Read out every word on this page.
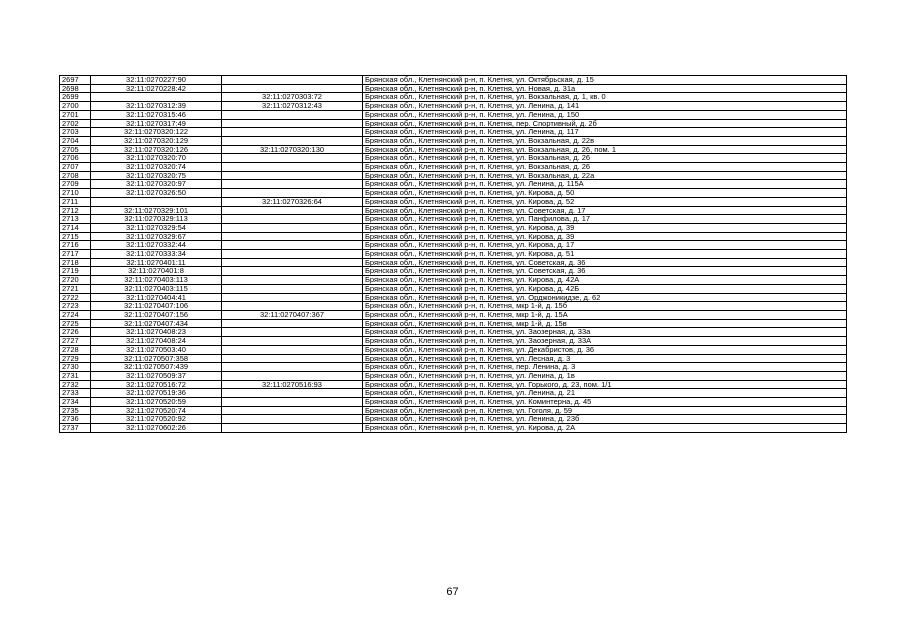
2697	32:11:0270227:90		Брянская обл., Клетнянский р-н, п. Клетня, ул. Октябрьская, д. 15
2698	32:11:0270228:42		Брянская обл., Клетнянский р-н, п. Клетня, ул. Новая, д. 31а
2699		32:11:0270303:72	Брянская обл., Клетнянский р-н, п. Клетня, ул. Вокзальная, д. 1, кв. 0
2700	32:11:0270312:39	32:11:0270312:43	Брянская обл., Клетнянский р-н, п. Клетня, ул. Ленина, д. 141
2701	32:11:0270315:46		Брянская обл., Клетнянский р-н, п. Клетня, ул. Ленина, д. 150
2702	32:11:0270317:49		Брянская обл., Клетнянский р-н, п. Клетня, пер. Спортивный, д. 2б
2703	32:11:0270320:122		Брянская обл., Клетнянский р-н, п. Клетня, ул. Ленина, д. 117
2704	32:11:0270320:129		Брянская обл., Клетнянский р-н, п. Клетня, ул. Вокзальная, д. 22в
2705	32:11:0270320:126	32:11:0270320:130	Брянская обл., Клетнянский р-н, п. Клетня, ул. Вокзальная, д. 26, пом. 1
2706	32:11:0270320:70		Брянская обл., Клетнянский р-н, п. Клетня, ул. Вокзальная, д. 26
2707	32:11:0270320:74		Брянская обл., Клетнянский р-н, п. Клетня, ул. Вокзальная, д. 26
2708	32:11:0270320:75		Брянская обл., Клетнянский р-н, п. Клетня, ул. Вокзальная, д. 22а
2709	32:11:0270320:97		Брянская обл., Клетнянский р-н, п. Клетня, ул. Ленина, д. 115А
2710	32:11:0270326:50		Брянская обл., Клетнянский р-н, п. Клетня, ул. Кирова, д. 50
2711		32:11:0270326:64	Брянская обл., Клетнянский р-н, п. Клетня, ул. Кирова, д. 52
2712	32:11:0270329:101		Брянская обл., Клетнянский р-н, п. Клетня, ул. Советская, д. 17
2713	32:11:0270329:113		Брянская обл., Клетнянский р-н, п. Клетня, ул. Панфилова, д. 17
2714	32:11:0270329:54		Брянская обл., Клетнянский р-н, п. Клетня, ул. Кирова, д. 39
2715	32:11:0270329:67		Брянская обл., Клетнянский р-н, п. Клетня, ул. Кирова, д. 39
2716	32:11:0270332:44		Брянская обл., Клетнянский р-н, п. Клетня, ул. Кирова, д. 17
2717	32:11:0270333:34		Брянская обл., Клетнянский р-н, п. Клетня, ул. Кирова, д. 51
2718	32:11:0270401:11		Брянская обл., Клетнянский р-н, п. Клетня, ул. Советская, д. 36
2719	32:11:0270401:8		Брянская обл., Клетнянский р-н, п. Клетня, ул. Советская, д. 36
2720	32:11:0270403:113		Брянская обл., Клетнянский р-н, п. Клетня, ул. Кирова, д. 42А
2721	32:11:0270403:115		Брянская обл., Клетнянский р-н, п. Клетня, ул. Кирова, д. 42Б
2722	32:11:0270404:41		Брянская обл., Клетнянский р-н, п. Клетня, ул. Орджоникидзе, д. 62
2723	32:11:0270407:106		Брянская обл., Клетнянский р-н, п. Клетня, мкр 1-й, д. 15б
2724	32:11:0270407:156	32:11:0270407:367	Брянская обл., Клетнянский р-н, п. Клетня, мкр 1-й, д. 15А
2725	32:11:0270407:434		Брянская обл., Клетнянский р-н, п. Клетня, мкр 1-й, д. 15в
2726	32:11:0270408:23		Брянская обл., Клетнянский р-н, п. Клетня, ул. Заозерная, д. 33а
2727	32:11:0270408:24		Брянская обл., Клетнянский р-н, п. Клетня, ул. Заозерная, д. 33А
2728	32:11:0270503:40		Брянская обл., Клетнянский р-н, п. Клетня, ул. Декабристов, д. 36
2729	32:11:0270507:358		Брянская обл., Клетнянский р-н, п. Клетня, ул. Лесная, д. 3
2730	32:11:0270507:439		Брянская обл., Клетнянский р-н, п. Клетня, пер. Ленина, д. 3
2731	32:11:0270509:37		Брянская обл., Клетнянский р-н, п. Клетня, ул. Ленина, д. 1в
2732	32:11:0270516:72	32:11:0270516:93	Брянская обл., Клетнянский р-н, п. Клетня, ул. Горького, д. 23, пом. 1/1
2733	32:11:0270519:36		Брянская обл., Клетнянский р-н, п. Клетня, ул. Ленина, д. 21
2734	32:11:0270520:59		Брянская обл., Клетнянский р-н, п. Клетня, ул. Коминтерна, д. 45
2735	32:11:0270520:74		Брянская обл., Клетнянский р-н, п. Клетня, ул. Гоголя, д. 59
2736	32:11:0270520:92		Брянская обл., Клетнянский р-н, п. Клетня, ул. Ленина, д. 23б
2737	32:11:0270602:26		Брянская обл., Клетнянский р-н, п. Клетня, ул. Кирова, д. 2А
67
